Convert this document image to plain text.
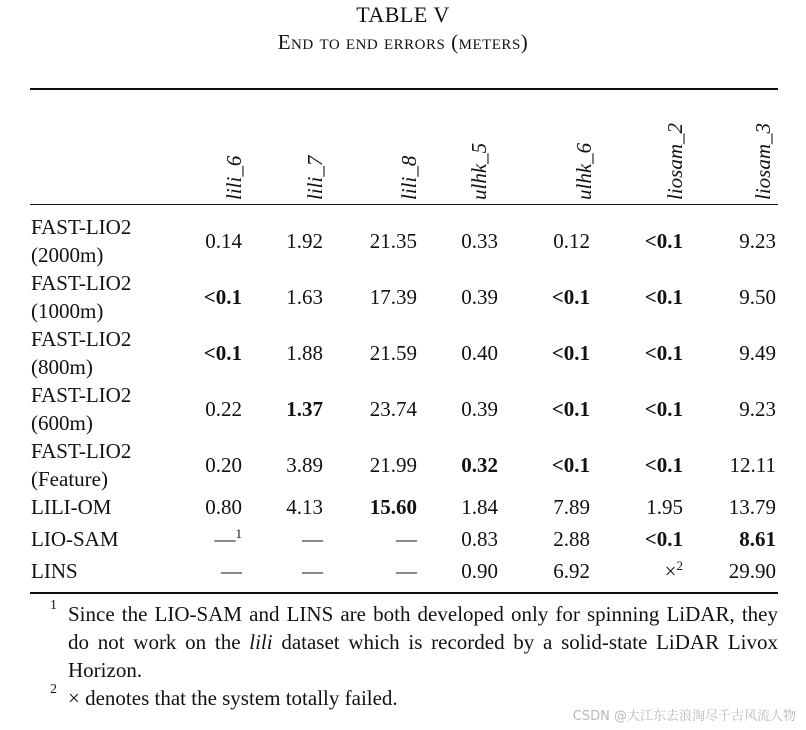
TABLE V
End to end errors (meters)
lili_6	lili_7	lili_8 ulhk_5	ulhk_6	liosam_2	liosam_3
FAST-LIO2
(2000m)
0.14 1.92 21.35 0.33	0.12	<0.1	9.23
FAST-LIO2
(1000m)
<0.1 1.63 17.39 0.39	<0.1	<0.1	9.50
FAST-LIO2
(800m)
<0.1 1.88 21.59 0.40	<0.1	<0.1	9.49
FAST-LIO2
(600m)
0.22 1.37 23.74 0.39	<0.1	<0.1	9.23
FAST-LIO2
(Feature)
0.20 3.89 21.99 0.32	<0.1	<0.1 12.11
LILI-OM	0.80 4.13 15.60 1.84	7.89	1.95 13.79
LIO-SAM	—$^1$	—	— 0.83	2.88	<0.1	8.61
LINS	—	—	— 0.90	6.92	×$^2$ 29.90
1 Since the LIO-SAM and LINS are both developed only for spinning LiDAR, they do not work on the lili dataset which is recorded by a solid-state LiDAR Livox Horizon.
2 × denotes that the system totally failed.
CSDN @大江东去浪淘尽千古风流人物
